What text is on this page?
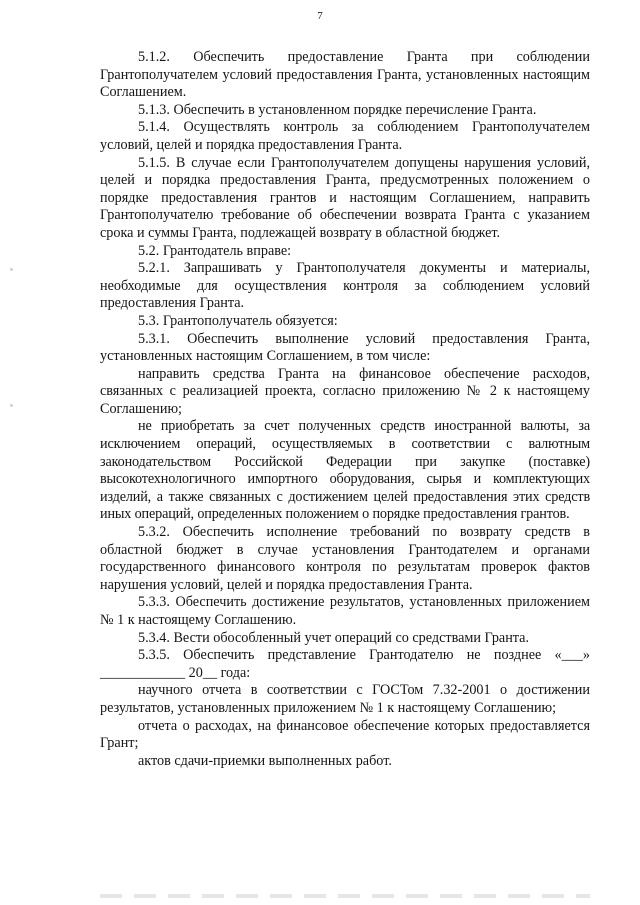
7

5.1.2. Обеспечить предоставление Гранта при соблюдении Грантополучателем условий предоставления Гранта, установленных настоящим Соглашением.

5.1.3. Обеспечить в установленном порядке перечисление Гранта.

5.1.4. Осуществлять контроль за соблюдением Грантополучателем условий, целей и порядка предоставления Гранта.

5.1.5. В случае если Грантополучателем допущены нарушения условий, целей и порядка предоставления Гранта, предусмотренных положением о порядке предоставления грантов и настоящим Соглашением, направить Грантополучателю требование об обеспечении возврата Гранта с указанием срока и суммы Гранта, подлежащей возврату в областной бюджет.

5.2. Грантодатель вправе:

5.2.1. Запрашивать у Грантополучателя документы и материалы, необходимые для осуществления контроля за соблюдением условий предоставления Гранта.

5.3. Грантополучатель обязуется:

5.3.1. Обеспечить выполнение условий предоставления Гранта, установленных настоящим Соглашением, в том числе:

направить средства Гранта на финансовое обеспечение расходов, связанных с реализацией проекта, согласно приложению № 2 к настоящему Соглашению;

не приобретать за счет полученных средств иностранной валюты, за исключением операций, осуществляемых в соответствии с валютным законодательством Российской Федерации при закупке (поставке) высокотехнологичного импортного оборудования, сырья и комплектующих изделий, а также связанных с достижением целей предоставления этих средств иных операций, определенных положением о порядке предоставления грантов.

5.3.2. Обеспечить исполнение требований по возврату средств в областной бюджет в случае установления Грантодателем и органами государственного финансового контроля по результатам проверок фактов нарушения условий, целей и порядка предоставления Гранта.

5.3.3. Обеспечить достижение результатов, установленных приложением № 1 к настоящему Соглашению.

5.3.4. Вести обособленный учет операций со средствами Гранта.

5.3.5. Обеспечить представление Грантодателю не позднее «___» ____________ 20__ года:

научного отчета в соответствии с ГОСТом 7.32-2001 о достижении результатов, установленных приложением № 1 к настоящему Соглашению;

отчета о расходах, на финансовое обеспечение которых предоставляется Грант;

актов сдачи-приемки выполненных работ.
